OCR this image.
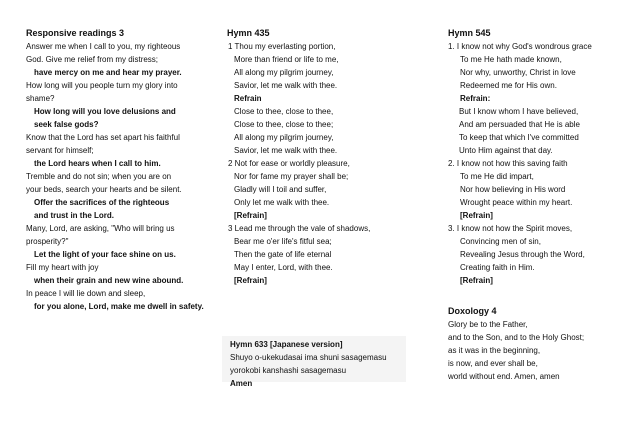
Responsive readings 3
Answer me when I call to you, my righteous
God. Give me relief from my distress;
have mercy on me and hear my prayer.
How long will you people turn my glory into
shame?
How long will you love delusions and
seek false gods?
Know that the Lord has set apart his faithful
servant for himself;
the Lord hears when I call to him.
Tremble and do not sin; when you are on
your beds, search your hearts and be silent.
Offer the sacrifices of the righteous
and trust in the Lord.
Many, Lord, are asking, "Who will bring us
prosperity?"
Let the light of your face shine on us.
Fill my heart with joy
when their grain and new wine abound.
In peace I will lie down and sleep,
for you alone, Lord, make me dwell in safety.
Hymn 435
1 Thou my everlasting portion,
More than friend or life to me,
All along my pilgrim journey,
Savior, let me walk with thee.
Refrain
Close to thee, close to thee,
Close to thee, close to thee;
All along my pilgrim journey,
Savior, let me walk with thee.
2 Not for ease or worldly pleasure,
Nor for fame my prayer shall be;
Gladly will I toil and suffer,
Only let me walk with thee.
[Refrain]
3 Lead me through the vale of shadows,
Bear me o'er life's fitful sea;
Then the gate of life eternal
May I enter, Lord, with thee.
[Refrain]
Hymn 633 [Japanese version]
Shuyo o-ukekudasai ima shuni sasagemasu
yorokobi kanshashi sasagemasu
Amen
Hymn 545
1. I know not why God's wondrous grace
To me He hath made known,
Nor why, unworthy, Christ in love
Redeemed me for His own.
Refrain:
But I know whom I have believed,
And am persuaded that He is able
To keep that which I've committed
Unto Him against that day.
2. I know not how this saving faith
To me He did impart,
Nor how believing in His word
Wrought peace within my heart.
[Refrain]
3. I know not how the Spirit moves,
Convincing men of sin,
Revealing Jesus through the Word,
Creating faith in Him.
[Refrain]
Doxology 4
Glory be to the Father,
and to the Son, and to the Holy Ghost;
as it was in the beginning,
is now, and ever shall be,
world without end. Amen, amen
